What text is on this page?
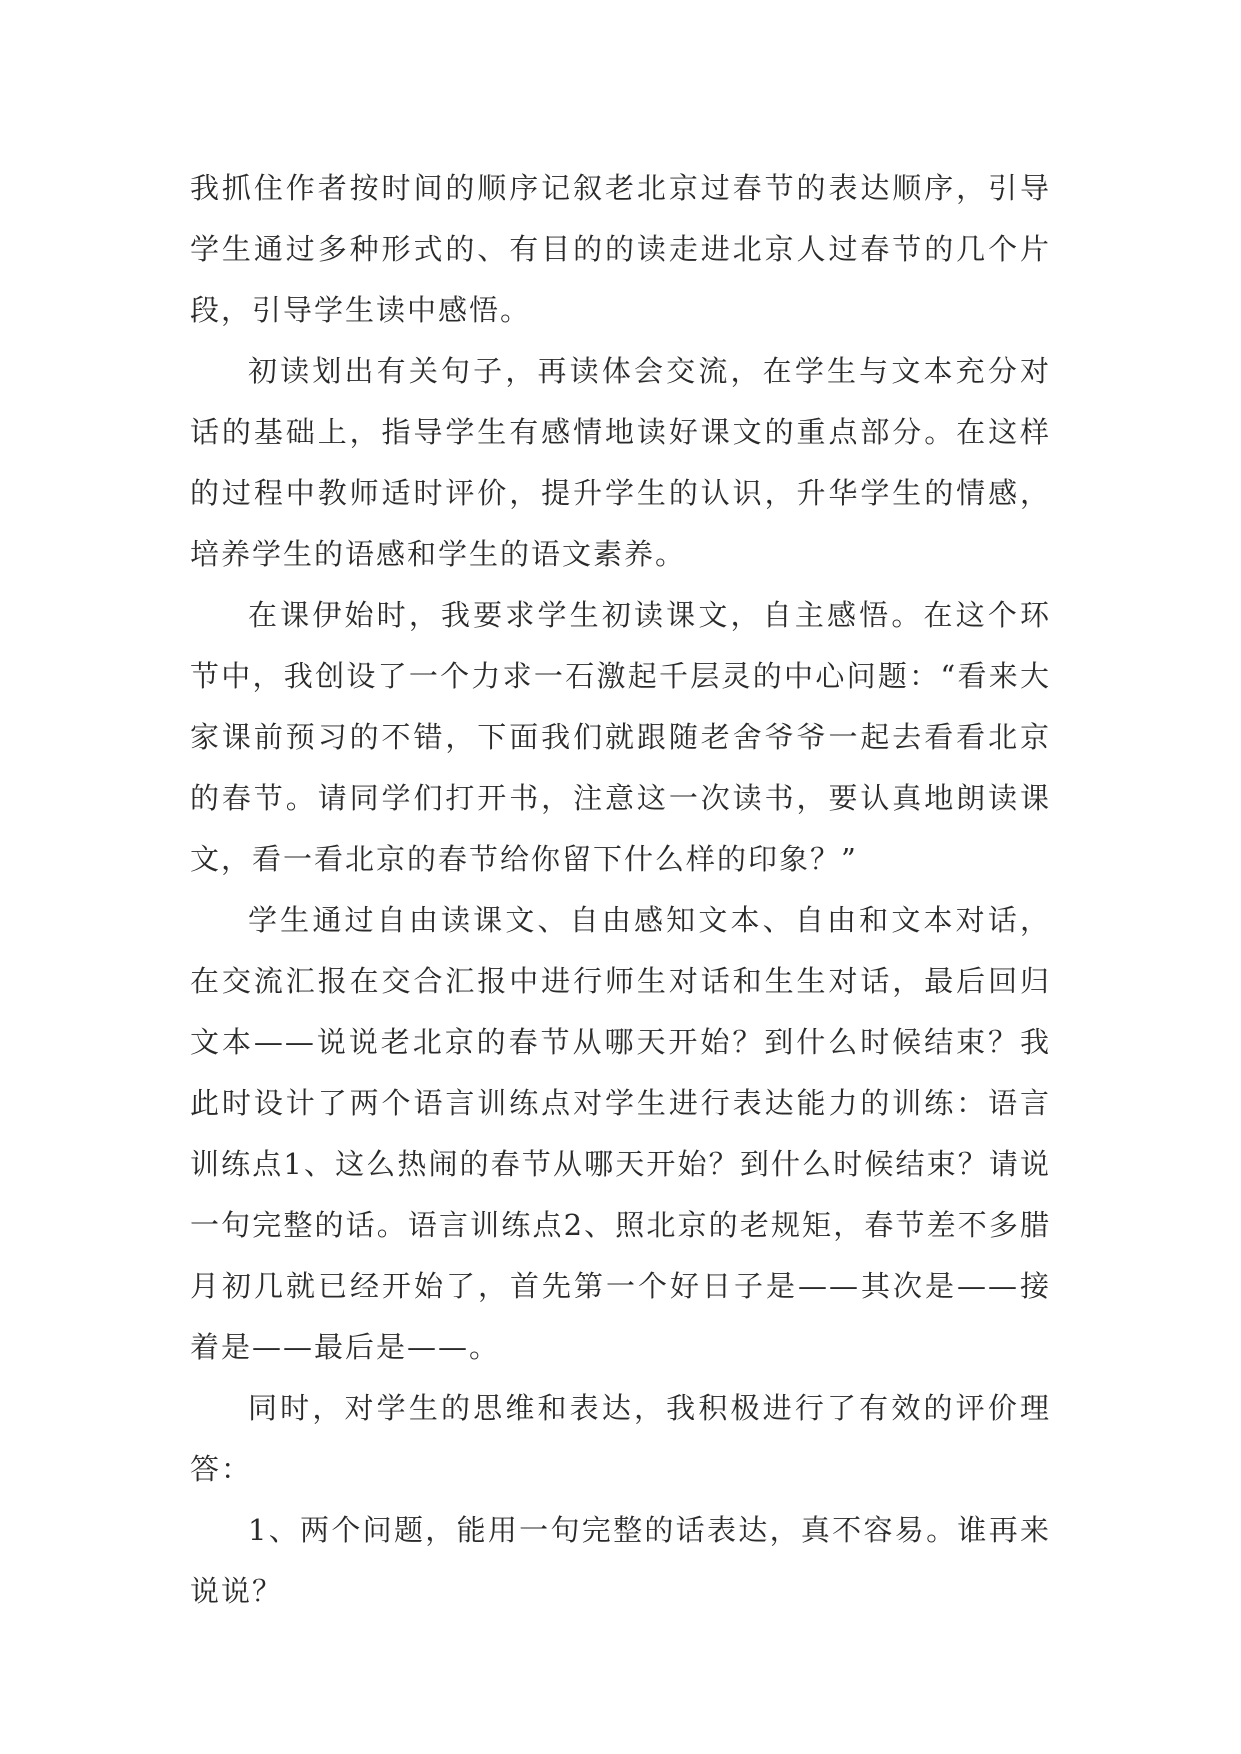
我抓住作者按时间的顺序记叙老北京过春节的表达顺序，引导学生通过多种形式的、有目的的读走进北京人过春节的几个片段，引导学生读中感悟。

初读划出有关句子，再读体会交流，在学生与文本充分对话的基础上，指导学生有感情地读好课文的重点部分。在这样的过程中教师适时评价，提升学生的认识，升华学生的情感，培养学生的语感和学生的语文素养。

在课伊始时，我要求学生初读课文，自主感悟。在这个环节中，我创设了一个力求一石激起千层灵的中心问题：“看来大家课前预习的不错，下面我们就跟随老舍爷爷一起去看看北京的春节。请同学们打开书，注意这一次读书，要认真地朗读课文，看一看北京的春节给你留下什么样的印象？”

学生通过自由读课文、自由感知文本、自由和文本对话，在交流汇报在交合汇报中进行师生对话和生生对话，最后回归文本——说说老北京的春节从哪天开始？到什么时候结束？我此时设计了两个语言训练点对学生进行表达能力的训练：语言训练点1、这么热闹的春节从哪天开始？到什么时候结束？请说一句完整的话。语言训练点2、照北京的老规矩，春节差不多腊月初几就已经开始了，首先第一个好日子是——其次是——接着是——最后是——。

同时，对学生的思维和表达，我积极进行了有效的评价理答：

1、两个问题，能用一句完整的话表达，真不容易。谁再来说说？
